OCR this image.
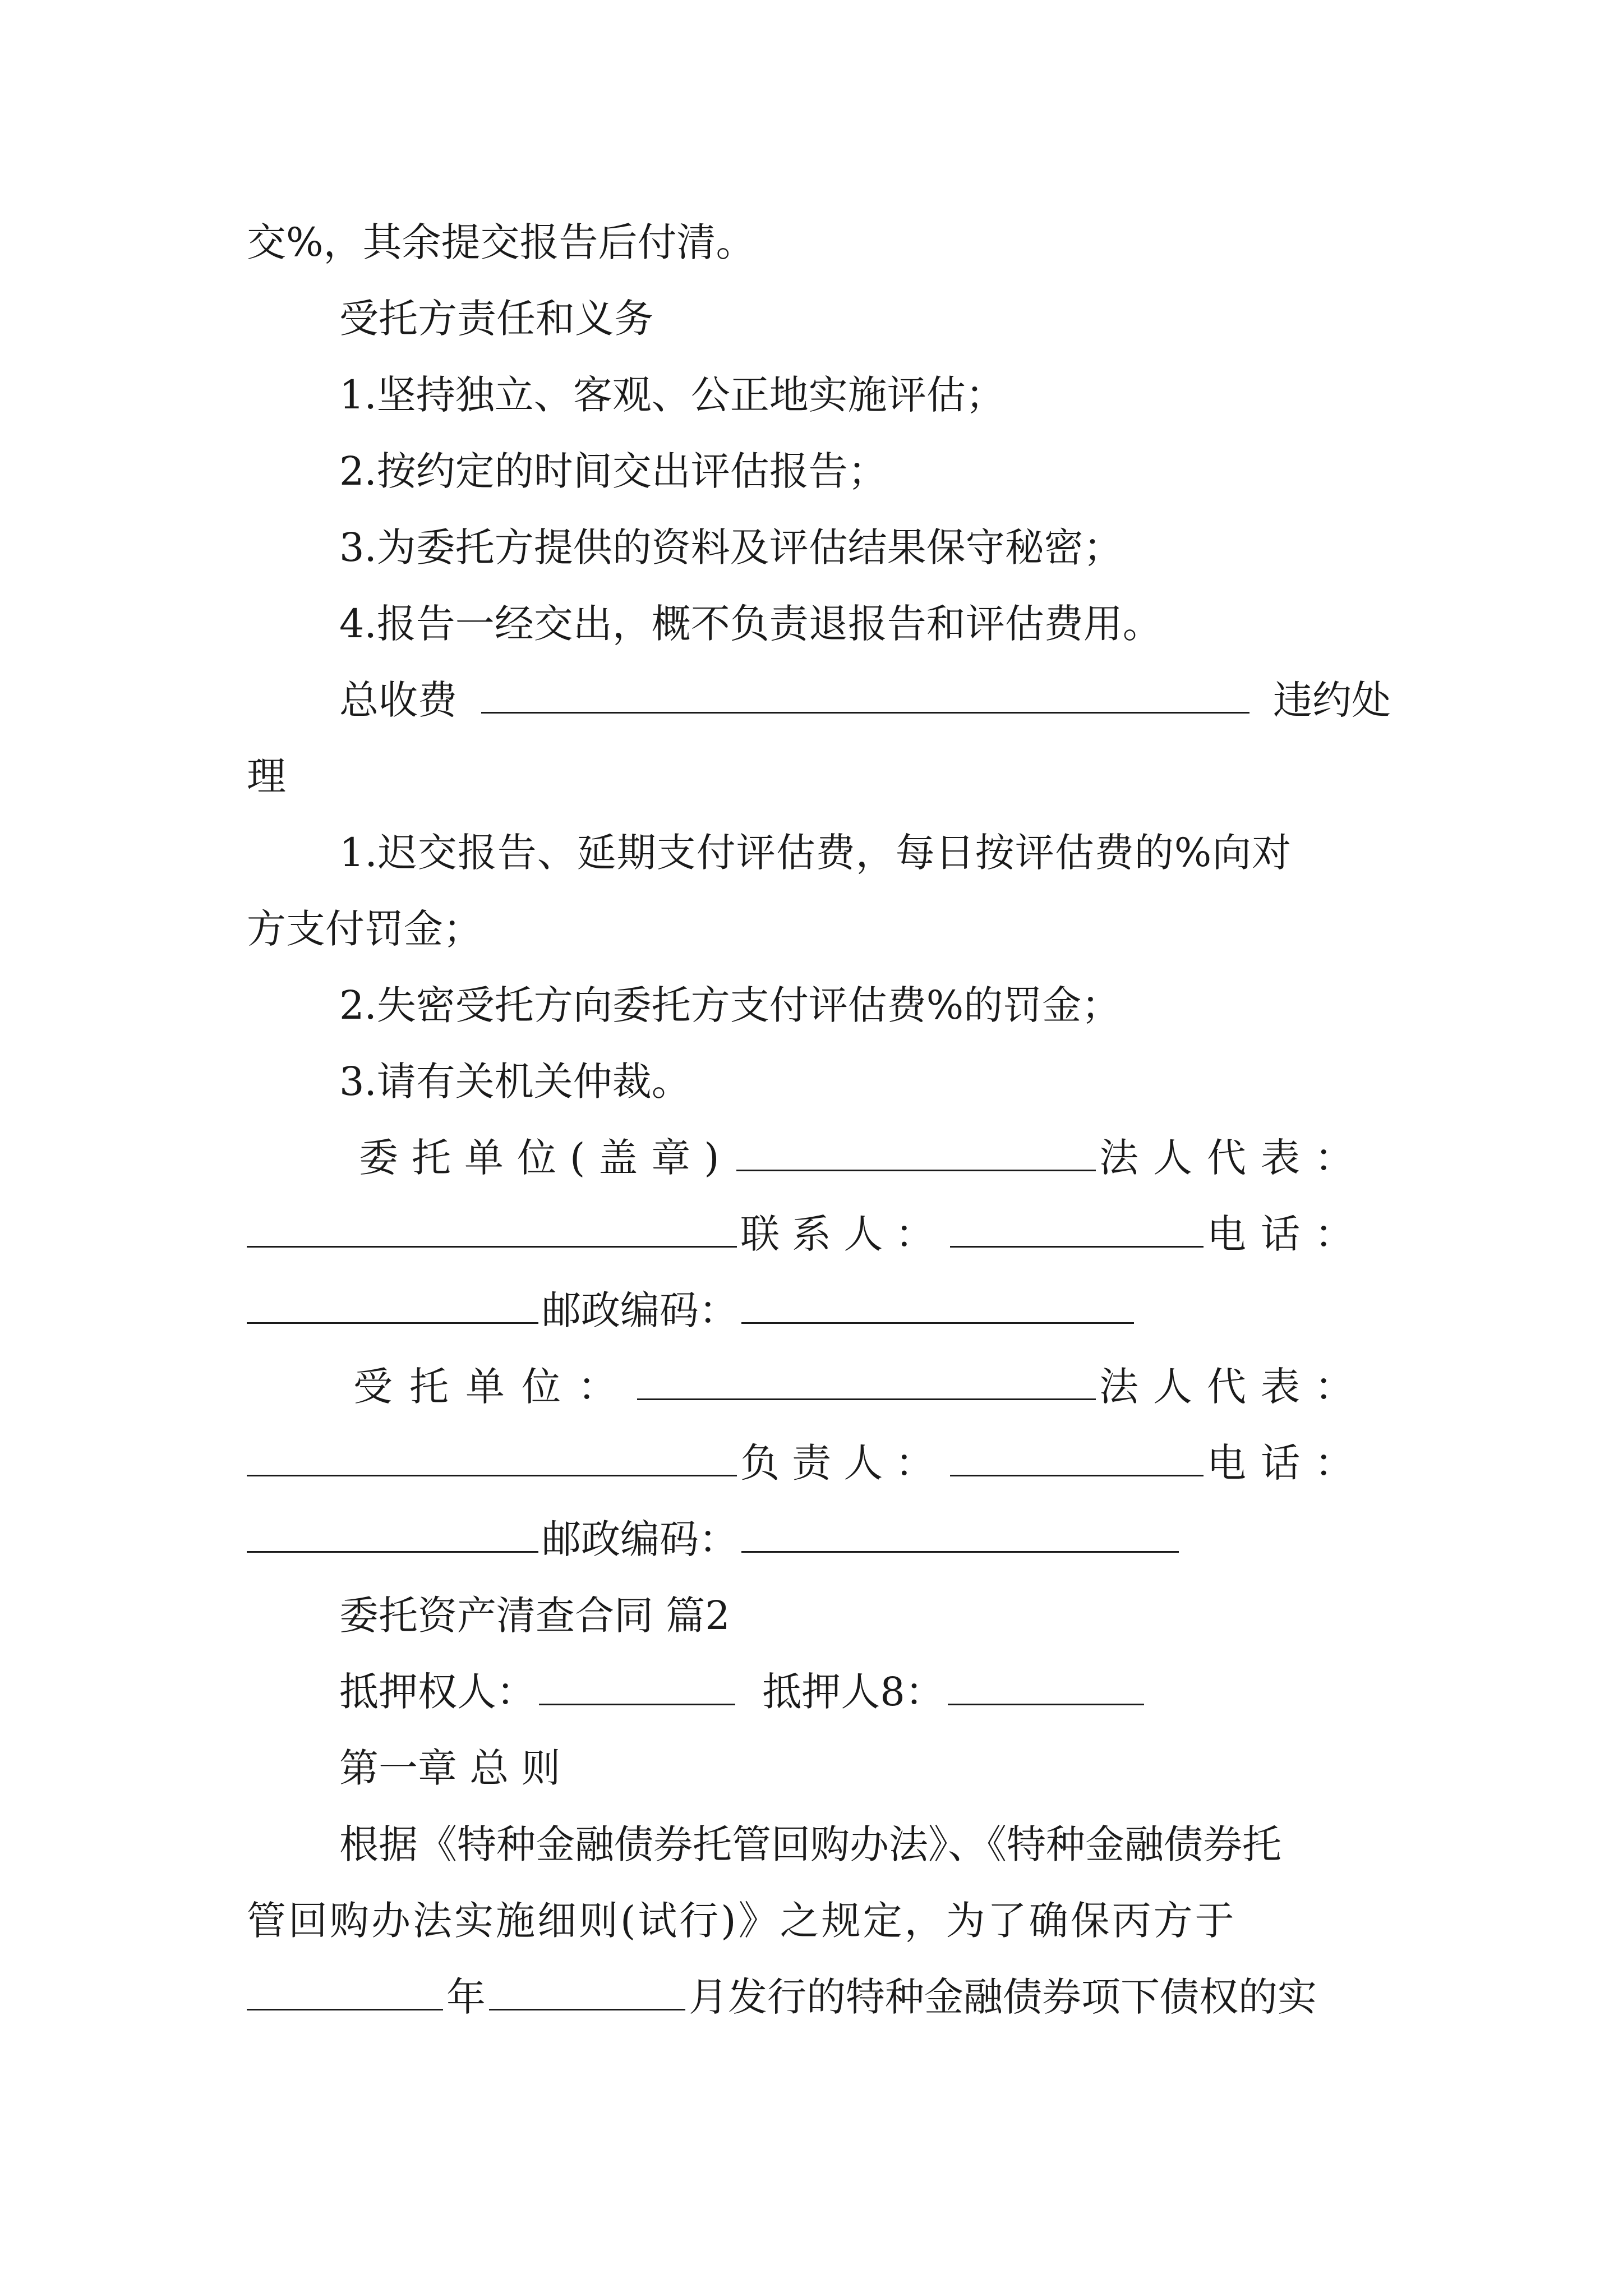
交%，其余提交报告后付清。
受托方责任和义务
1.坚持独立、客观、公正地实施评估；
2.按约定的时间交出评估报告；
3.为委托方提供的资料及评估结果保守秘密；
4.报告一经交出，概不负责退报告和评估费用。
总收费	违约处
理
1.迟交报告、延期支付评估费，每日按评估费的%向对
方支付罚金；
2.失密受托方向委托方支付评估费%的罚金；
3.请有关机关仲裁。
委托单位(盖章)	法人代表：
联系人：	电话：
邮政编码：
受托单位：	法人代表：
负责人：	电话：
邮政编码：
委托资产清查合同 篇2
抵押权人：	抵押人8：
第一章 总 则
根据《特种金融债券托管回购办法》、《特种金融债券托
管回购办法实施细则(试行)》之规定，为了确保丙方于
年	月发行的特种金融债券项下债权的实
